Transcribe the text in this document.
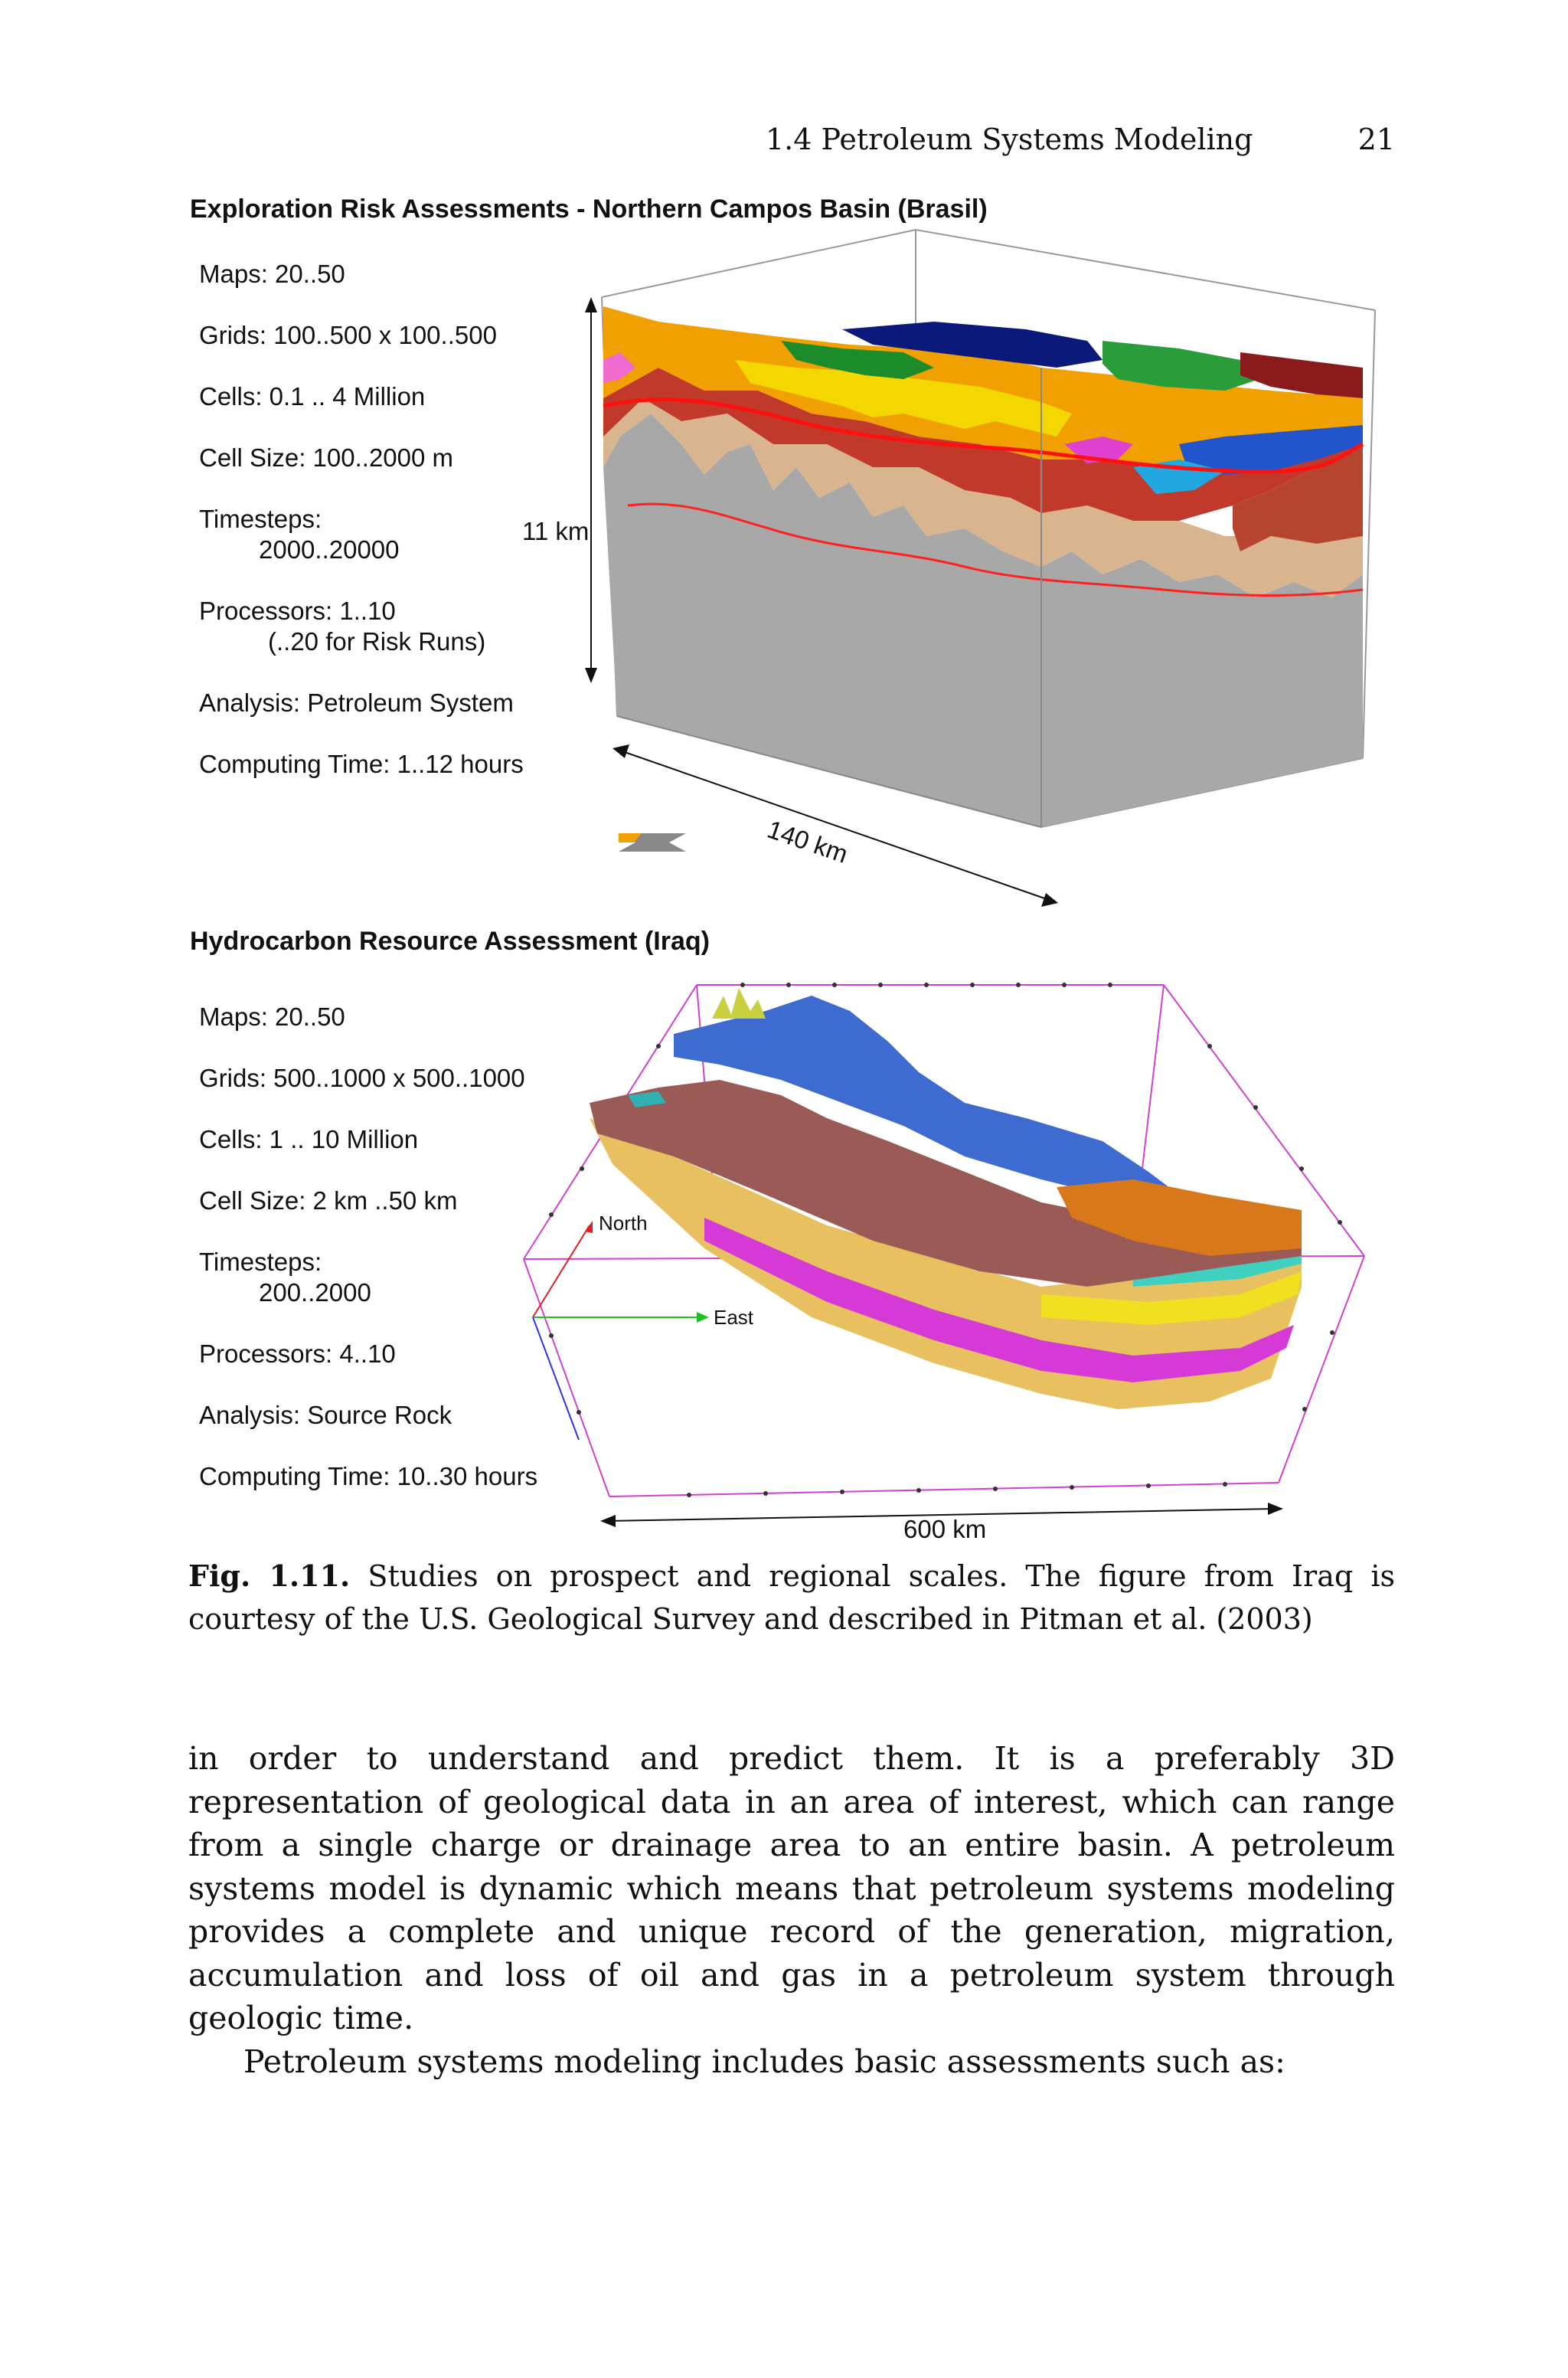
1.4 Petroleum Systems Modeling	21
Exploration Risk Assessments - Northern Campos Basin (Brasil)
Maps: 20..50
Grids: 100..500 x 100..500
Cells: 0.1 .. 4 Million
Cell Size: 100..2000 m
Timesteps:
2000..20000
Processors: 1..10
(..20 for Risk Runs)
Analysis: Petroleum System
Computing Time: 1..12 hours
11 km
140 km
Hydrocarbon Resource Assessment (Iraq)
Maps: 20..50
Grids: 500..1000 x 500..1000
Cells: 1 .. 10 Million
Cell Size: 2 km ..50 km
Timesteps:
200..2000
Processors: 4..10
Analysis: Source Rock
Computing Time: 10..30 hours
North
East
600 km
Fig. 1.11. Studies on prospect and regional scales. The figure from Iraq is courtesy of the U.S. Geological Survey and described in Pitman et al. (2003)

in order to understand and predict them. It is a preferably 3D representation of geological data in an area of interest, which can range from a single charge or drainage area to an entire basin. A petroleum systems model is dynamic which means that petroleum systems modeling provides a complete and unique record of the generation, migration, accumulation and loss of oil and gas in a petroleum system through geologic time.

Petroleum systems modeling includes basic assessments such as:
